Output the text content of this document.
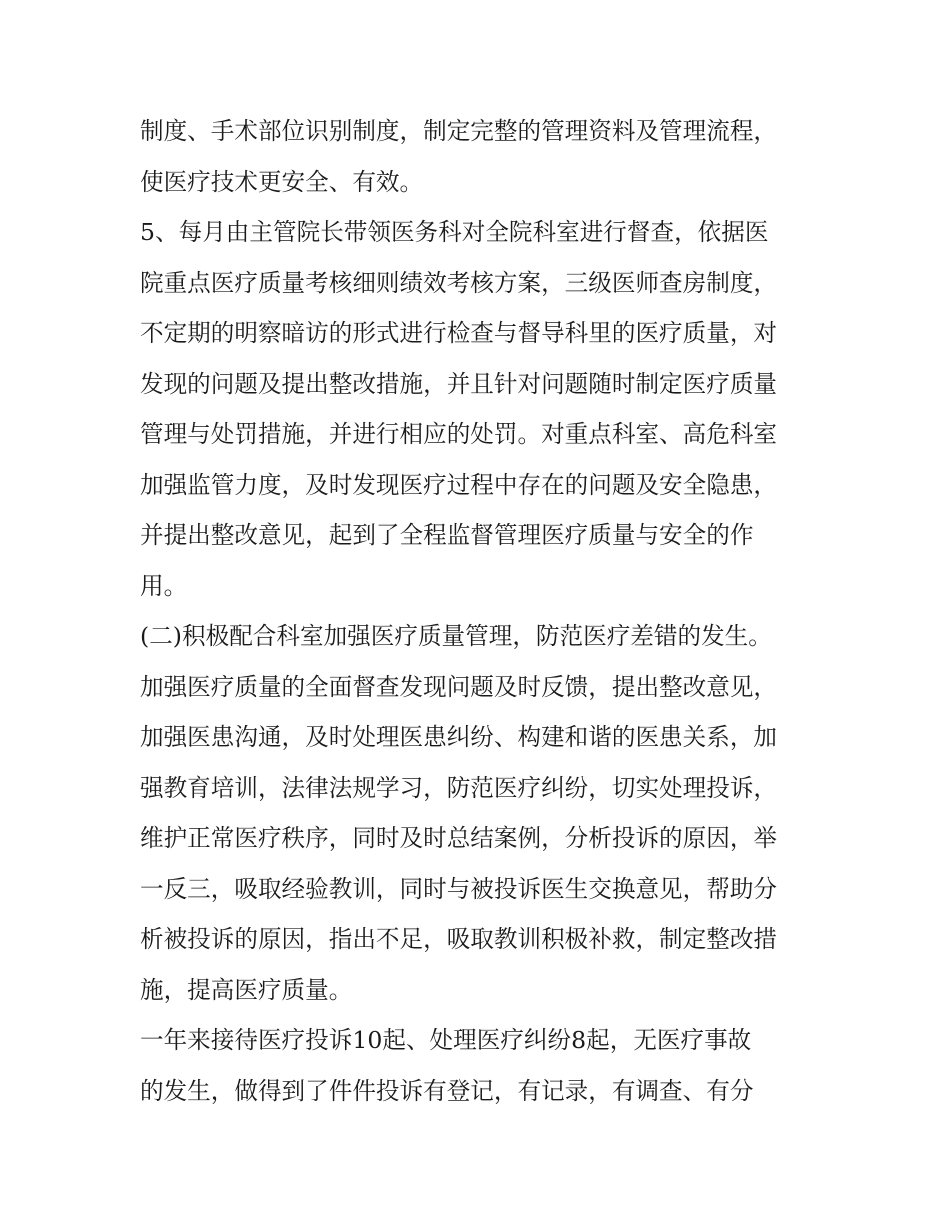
制度、手术部位识别制度，制定完整的管理资料及管理流程，
使医疗技术更安全、有效。
5、每月由主管院长带领医务科对全院科室进行督查，依据医
院重点医疗质量考核细则绩效考核方案，三级医师查房制度，
不定期的明察暗访的形式进行检查与督导科里的医疗质量，对
发现的问题及提出整改措施，并且针对问题随时制定医疗质量
管理与处罚措施，并进行相应的处罚。对重点科室、高危科室
加强监管力度，及时发现医疗过程中存在的问题及安全隐患，
并提出整改意见，起到了全程监督管理医疗质量与安全的作
用。
(二)积极配合科室加强医疗质量管理，防范医疗差错的发生。
加强医疗质量的全面督查发现问题及时反馈，提出整改意见，
加强医患沟通，及时处理医患纠纷、构建和谐的医患关系，加
强教育培训，法律法规学习，防范医疗纠纷，切实处理投诉，
维护正常医疗秩序，同时及时总结案例，分析投诉的原因，举
一反三，吸取经验教训，同时与被投诉医生交换意见，帮助分
析被投诉的原因，指出不足，吸取教训积极补救，制定整改措
施，提高医疗质量。
一年来接待医疗投诉10起、处理医疗纠纷8起，无医疗事故
的发生，做得到了件件投诉有登记，有记录，有调查、有分
